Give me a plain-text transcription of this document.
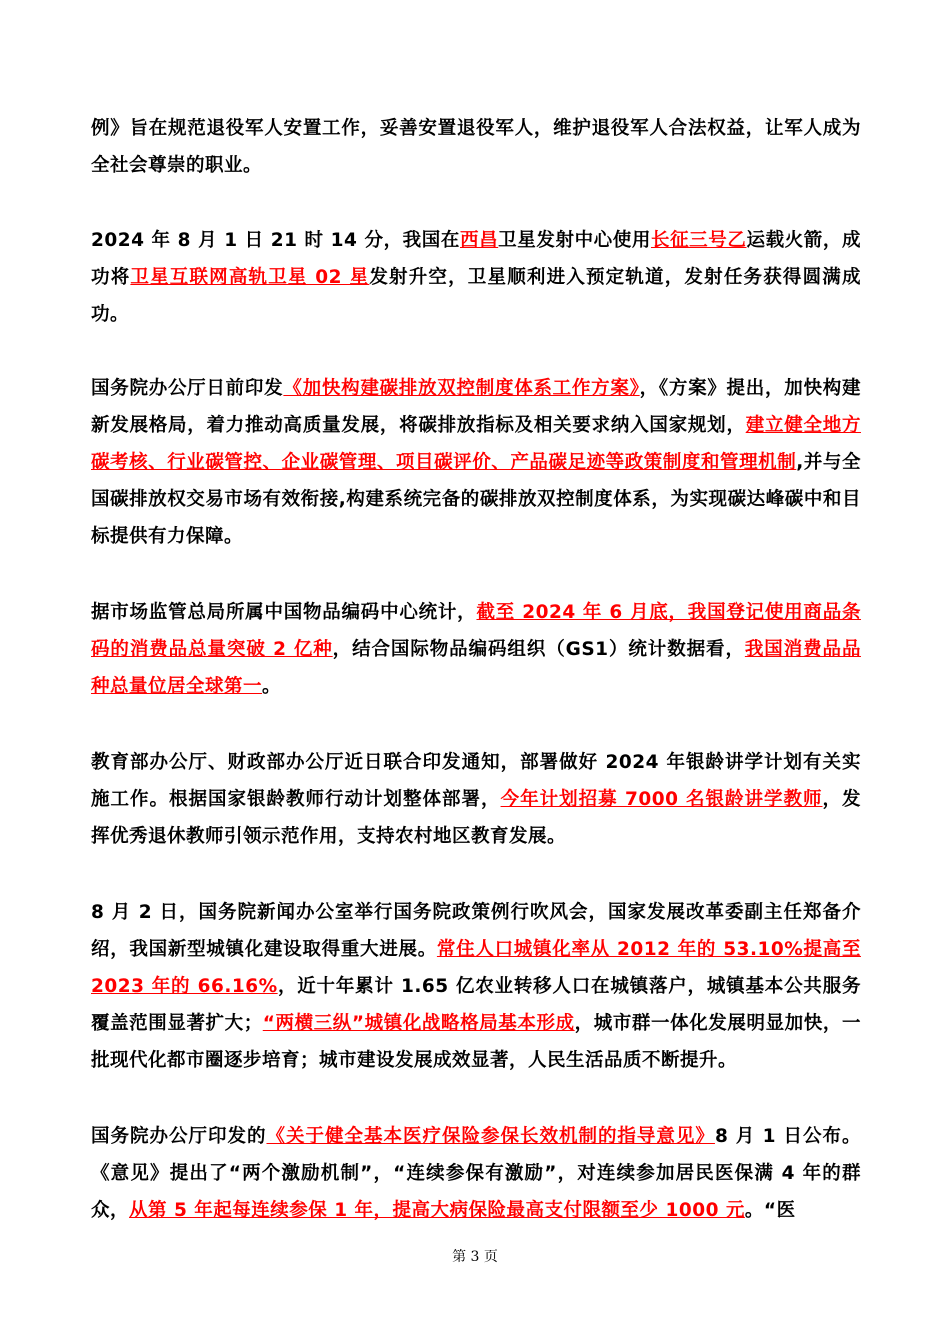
例》旨在规范退役军人安置工作，妥善安置退役军人，维护退役军人合法权益，让军人成为全社会尊崇的职业。

2024 年 8 月 1 日 21 时 14 分，我国在西昌卫星发射中心使用长征三号乙运载火箭，成功将卫星互联网高轨卫星 02 星发射升空，卫星顺利进入预定轨道，发射任务获得圆满成功。

国务院办公厅日前印发《加快构建碳排放双控制度体系工作方案》，《方案》提出，加快构建新发展格局，着力推动高质量发展，将碳排放指标及相关要求纳入国家规划，建立健全地方碳考核、行业碳管控、企业碳管理、项目碳评价、产品碳足迹等政策制度和管理机制,并与全国碳排放权交易市场有效衔接,构建系统完备的碳排放双控制度体系，为实现碳达峰碳中和目标提供有力保障。

据市场监管总局所属中国物品编码中心统计，截至 2024 年 6 月底，我国登记使用商品条码的消费品总量突破 2 亿种，结合国际物品编码组织（GS1）统计数据看，我国消费品品种总量位居全球第一。

教育部办公厅、财政部办公厅近日联合印发通知，部署做好 2024 年银龄讲学计划有关实施工作。根据国家银龄教师行动计划整体部署，今年计划招募 7000 名银龄讲学教师，发挥优秀退休教师引领示范作用，支持农村地区教育发展。

8 月 2 日，国务院新闻办公室举行国务院政策例行吹风会，国家发展改革委副主任郑备介绍，我国新型城镇化建设取得重大进展。常住人口城镇化率从 2012 年的 53.10%提高至 2023 年的 66.16%，近十年累计 1.65 亿农业转移人口在城镇落户，城镇基本公共服务覆盖范围显著扩大；“两横三纵”城镇化战略格局基本形成，城市群一体化发展明显加快，一批现代化都市圈逐步培育；城市建设发展成效显著，人民生活品质不断提升。

国务院办公厅印发的《关于健全基本医疗保险参保长效机制的指导意见》8 月 1 日公布。《意见》提出了“两个激励机制”，“连续参保有激励”，对连续参加居民医保满 4 年的群众，从第 5 年起每连续参保 1 年，提高大病保险最高支付限额至少 1000 元。“医

第 3 页
